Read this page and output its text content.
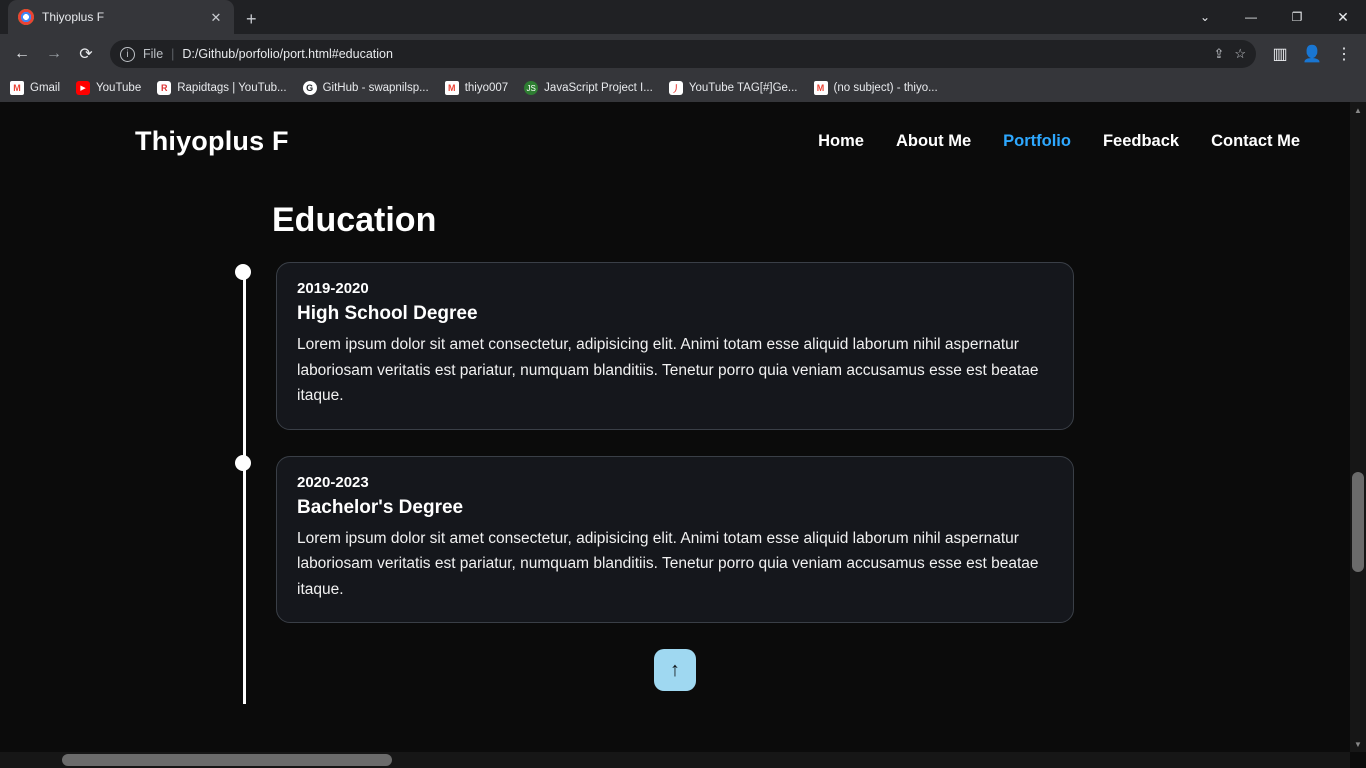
Thiyoplus F	✕ +	⌄	—	❐	✕
←	→	⟳	i	File | D:/Github/porfolio/port.html#education	⇪ ☆	▥ 👤 ⋮
M Gmail	▶ YouTube	R Rapidtags | YouTub...	G GitHub - swapnilsp...	M thiyo007 JS JavaScript Project I... 丿 YouTube TAG[#]Ge...	M (no subject) - thiyo...
Thiyoplus F	Home About Me Portfolio Feedback Contact Me
Education
2019-2020
High School Degree
Lorem ipsum dolor sit amet consectetur, adipisicing elit. Animi totam esse aliquid laborum nihil aspernatur laboriosam veritatis est pariatur, numquam blanditiis. Tenetur porro quia veniam accusamus esse est beatae itaque.
2020-2023
Bachelor's Degree
Lorem ipsum dolor sit amet consectetur, adipisicing elit. Animi totam esse aliquid laborum nihil aspernatur laboriosam veritatis est pariatur, numquam blanditiis. Tenetur porro quia veniam accusamus esse est beatae itaque.
↑
▲
▼
